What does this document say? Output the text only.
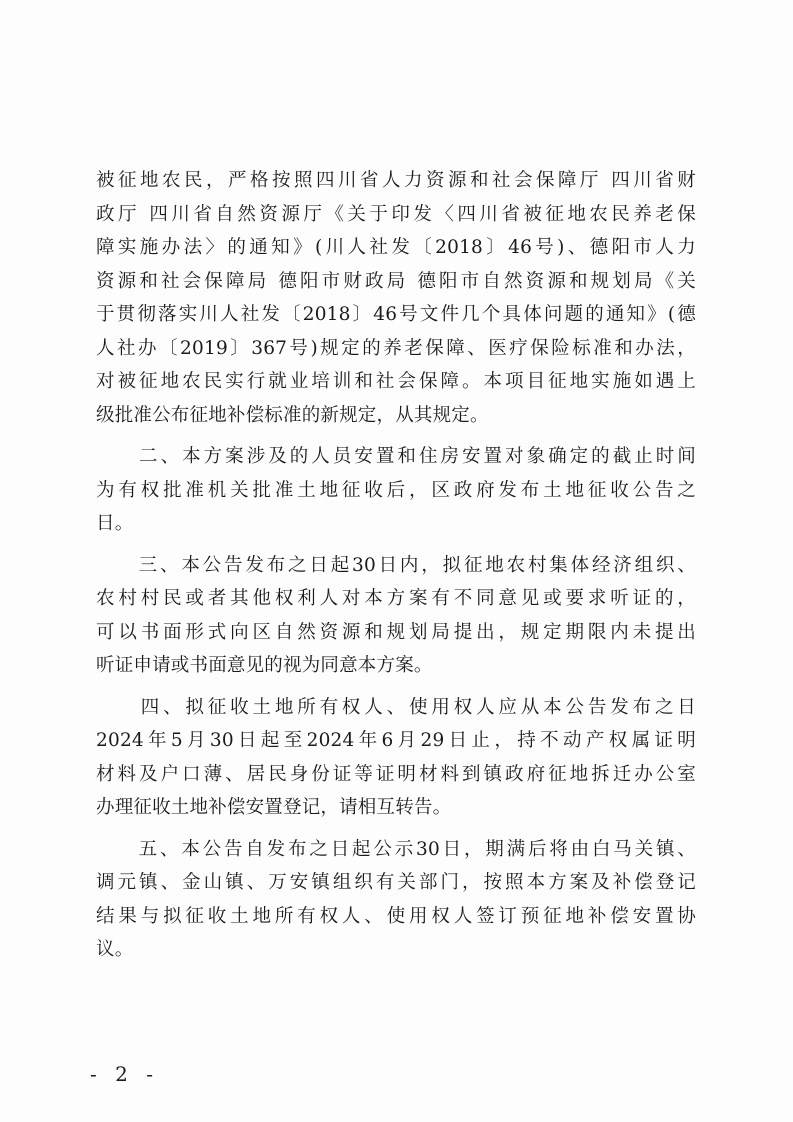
被征地农民，严格按照四川省人力资源和社会保障厅 四川省财
政厅 四川省自然资源厅《关于印发〈四川省被征地农民养老保
障实施办法〉的通知》(川人社发〔2018〕46号)、德阳市人力
资源和社会保障局 德阳市财政局 德阳市自然资源和规划局《关
于贯彻落实川人社发〔2018〕46号文件几个具体问题的通知》(德
人社办〔2019〕367号)规定的养老保障、医疗保险标准和办法，
对被征地农民实行就业培训和社会保障。本项目征地实施如遇上
级批准公布征地补偿标准的新规定，从其规定。
　　二、本方案涉及的人员安置和住房安置对象确定的截止时间
为有权批准机关批准土地征收后，区政府发布土地征收公告之
日。
　　三、本公告发布之日起30日内，拟征地农村集体经济组织、
农村村民或者其他权利人对本方案有不同意见或要求听证的，
可以书面形式向区自然资源和规划局提出，规定期限内未提出
听证申请或书面意见的视为同意本方案。
　　四、拟征收土地所有权人、使用权人应从本公告发布之日
2024年5月30日起至2024年6月29日止，持不动产权属证明
材料及户口薄、居民身份证等证明材料到镇政府征地拆迁办公室
办理征收土地补偿安置登记，请相互转告。
　　五、本公告自发布之日起公示30日，期满后将由白马关镇、
调元镇、金山镇、万安镇组织有关部门，按照本方案及补偿登记
结果与拟征收土地所有权人、使用权人签订预征地补偿安置协
议。
- 2 -
